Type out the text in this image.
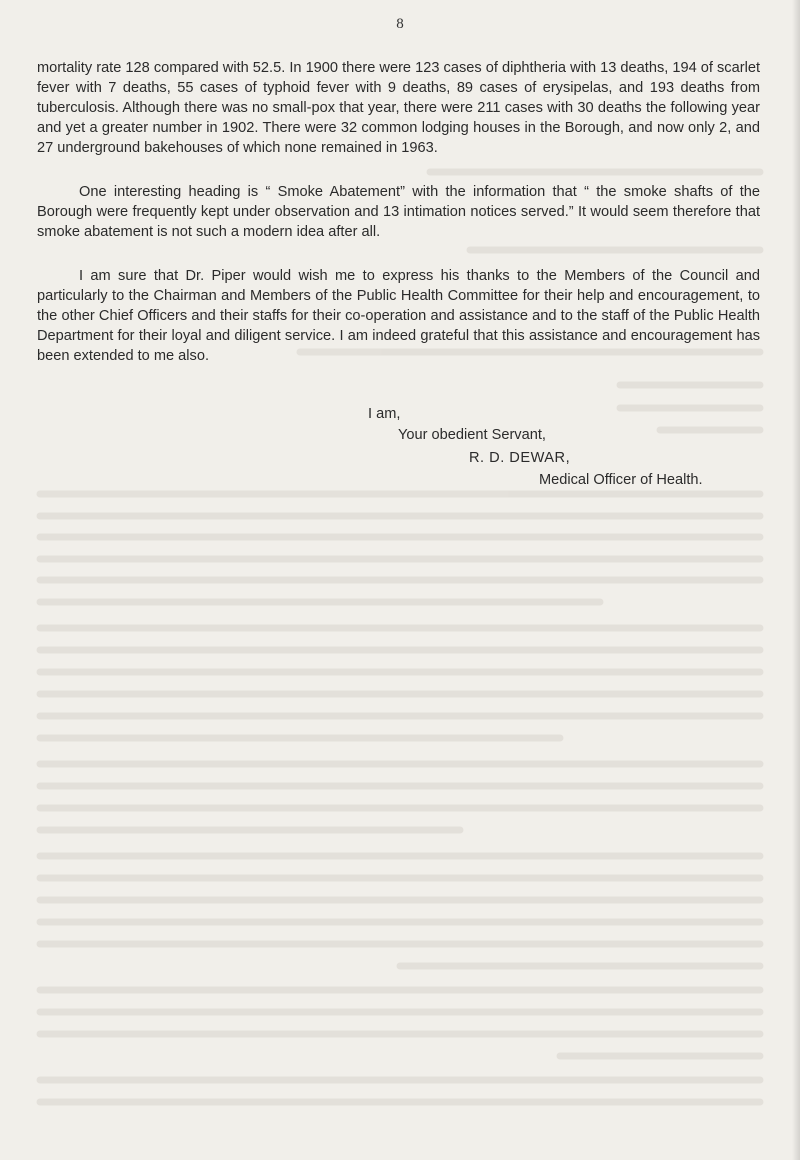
8

mortality rate 128 compared with 52.5. In 1900 there were 123 cases of diphtheria with 13 deaths, 194 of scarlet fever with 7 deaths, 55 cases of typhoid fever with 9 deaths, 89 cases of erysipelas, and 193 deaths from tuberculosis. Although there was no small-pox that year, there were 211 cases with 30 deaths the following year and yet a greater number in 1902. There were 32 common lodging houses in the Borough, and now only 2, and 27 underground bakehouses of which none remained in 1963.

One interesting heading is “ Smoke Abatement” with the information that “ the smoke shafts of the Borough were frequently kept under observation and 13 intimation notices served.” It would seem therefore that smoke abatement is not such a modern idea after all.

I am sure that Dr. Piper would wish me to express his thanks to the Members of the Council and particularly to the Chairman and Members of the Public Health Committee for their help and encouragement, to the other Chief Officers and their staffs for their co-operation and assistance and to the staff of the Public Health Department for their loyal and diligent service. I am indeed grateful that this assistance and encouragement has been extended to me also.

I am,
Your obedient Servant,
R. D. DEWAR,
Medical Officer of Health.
